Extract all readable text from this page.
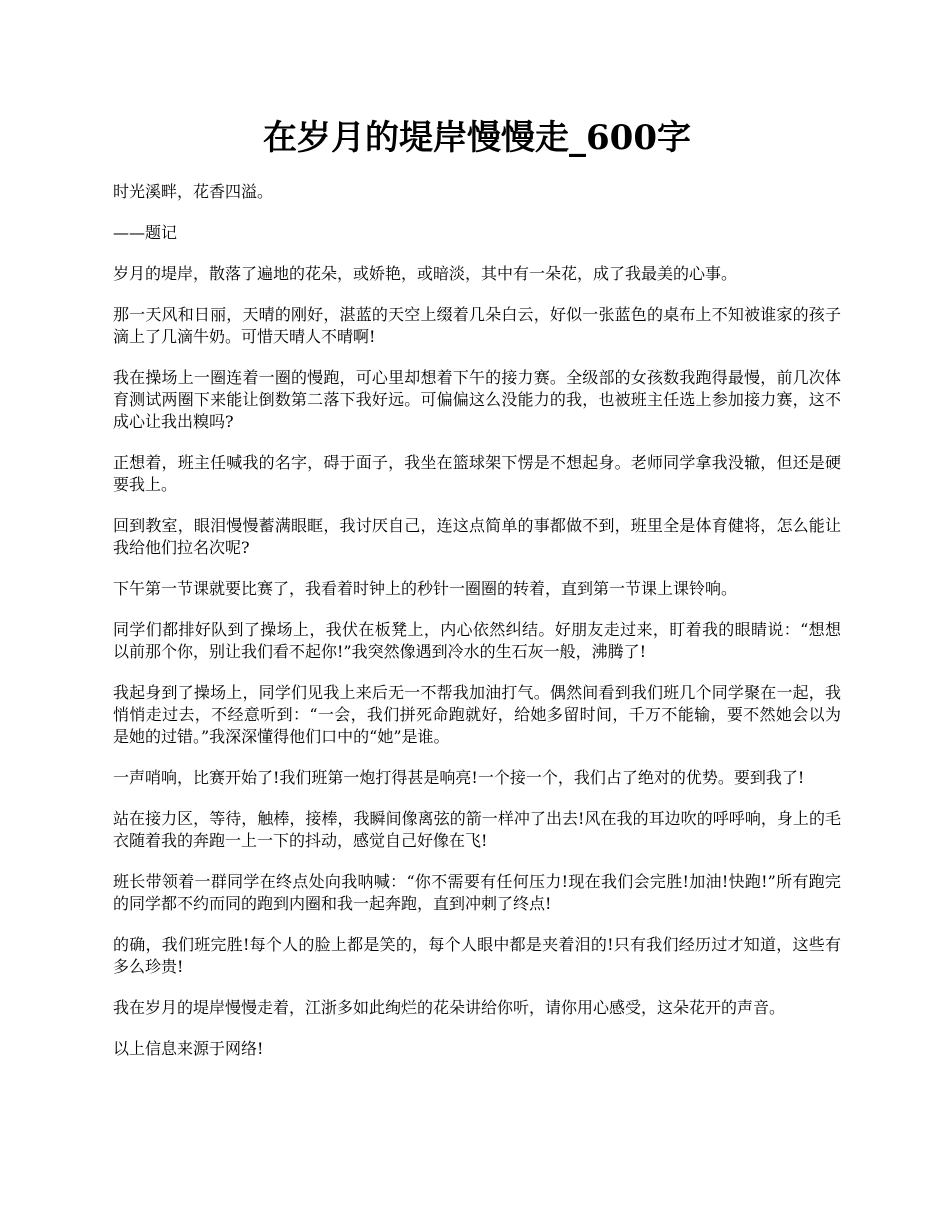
在岁月的堤岸慢慢走_600字

时光溪畔，花香四溢。

——题记

岁月的堤岸，散落了遍地的花朵，或娇艳，或暗淡，其中有一朵花，成了我最美的心事。

那一天风和日丽，天晴的刚好，湛蓝的天空上缀着几朵白云，好似一张蓝色的桌布上不知被谁家的孩子滴上了几滴牛奶。可惜天晴人不晴啊!

我在操场上一圈连着一圈的慢跑，可心里却想着下午的接力赛。全级部的女孩数我跑得最慢，前几次体育测试两圈下来能让倒数第二落下我好远。可偏偏这么没能力的我，也被班主任选上参加接力赛，这不成心让我出糗吗?

正想着，班主任喊我的名字，碍于面子，我坐在篮球架下愣是不想起身。老师同学拿我没辙，但还是硬要我上。

回到教室，眼泪慢慢蓄满眼眶，我讨厌自己，连这点简单的事都做不到，班里全是体育健将，怎么能让我给他们拉名次呢?

下午第一节课就要比赛了，我看着时钟上的秒针一圈圈的转着，直到第一节课上课铃响。

同学们都排好队到了操场上，我伏在板凳上，内心依然纠结。好朋友走过来，盯着我的眼睛说：“想想以前那个你，别让我们看不起你!”我突然像遇到冷水的生石灰一般，沸腾了!

我起身到了操场上，同学们见我上来后无一不帮我加油打气。偶然间看到我们班几个同学聚在一起，我悄悄走过去，不经意听到：“一会，我们拼死命跑就好，给她多留时间，千万不能输，要不然她会以为是她的过错。”我深深懂得他们口中的“她”是谁。

一声哨响，比赛开始了!我们班第一炮打得甚是响亮!一个接一个，我们占了绝对的优势。要到我了!

站在接力区，等待，触棒，接棒，我瞬间像离弦的箭一样冲了出去!风在我的耳边吹的呼呼响，身上的毛衣随着我的奔跑一上一下的抖动，感觉自己好像在飞!

班长带领着一群同学在终点处向我呐喊：“你不需要有任何压力!现在我们会完胜!加油!快跑!”所有跑完的同学都不约而同的跑到内圈和我一起奔跑，直到冲刺了终点!

的确，我们班完胜!每个人的脸上都是笑的，每个人眼中都是夹着泪的!只有我们经历过才知道，这些有多么珍贵!

我在岁月的堤岸慢慢走着，江浙多如此绚烂的花朵讲给你听，请你用心感受，这朵花开的声音。

以上信息来源于网络!
